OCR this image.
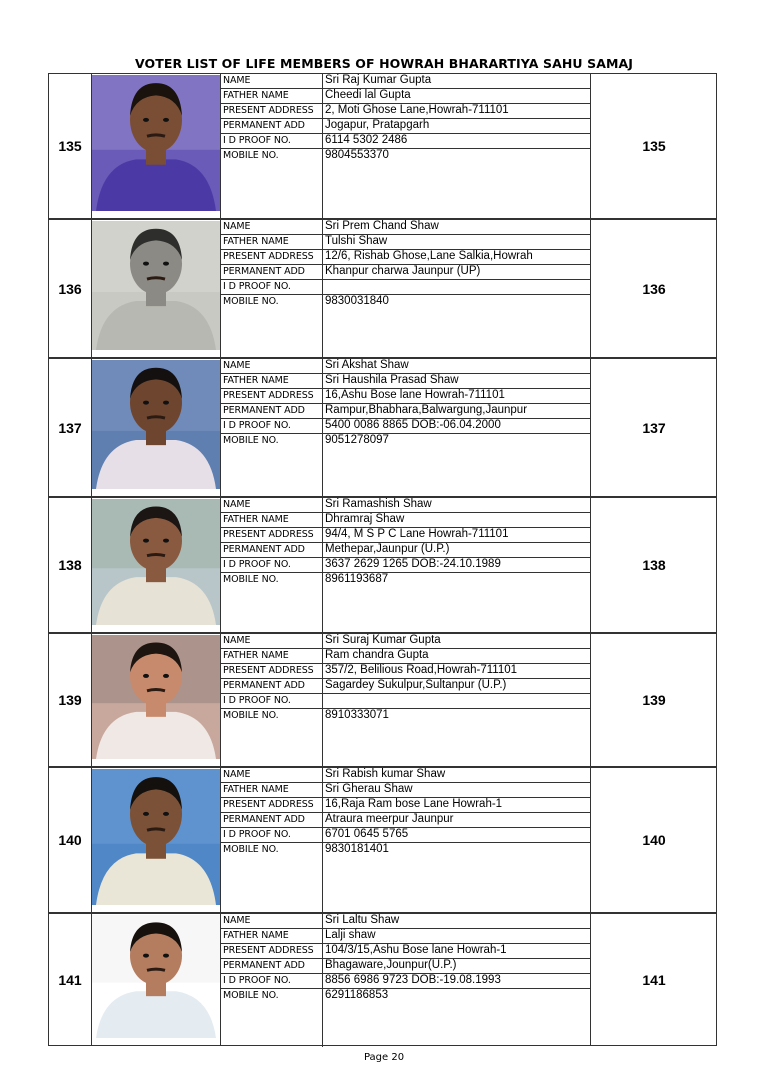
VOTER LIST OF LIFE MEMBERS OF HOWRAH BHARARTIYA SAHU SAMAJ
135
NAME	Sri Raj Kumar Gupta
FATHER NAME	Cheedi lal Gupta
PRESENT ADDRESS 2, Moti Ghose Lane,Howrah-711101
PERMANENT ADD Jogapur, Pratapgarh
I D PROOF NO.	6114 5302 2486
MOBILE NO.	9804553370
135
136
NAME	Sri Prem Chand Shaw
FATHER NAME	Tulshi Shaw
PRESENT ADDRESS 12/6, Rishab Ghose,Lane Salkia,Howrah
PERMANENT ADD Khanpur charwa Jaunpur (UP)
I D PROOF NO.
MOBILE NO.	9830031840
136
137
NAME	Sri Akshat Shaw
FATHER NAME	Sri Haushila Prasad Shaw
PRESENT ADDRESS 16,Ashu Bose lane Howrah-711101
PERMANENT ADD Rampur,Bhabhara,Balwargung,Jaunpur
I D PROOF NO.	5400 0086 8865 DOB:-06.04.2000
MOBILE NO.	9051278097
137
138
NAME	Sri Ramashish Shaw
FATHER NAME	Dhramraj Shaw
PRESENT ADDRESS 94/4, M S P C Lane Howrah-711101
PERMANENT ADD Methepar,Jaunpur (U.P.)
I D PROOF NO.	3637 2629 1265 DOB:-24.10.1989
MOBILE NO.	8961193687
138
139
NAME	Sri Suraj Kumar Gupta
FATHER NAME	Ram chandra Gupta
PRESENT ADDRESS 357/2, Belilious Road,Howrah-711101
PERMANENT ADD Sagardey Sukulpur,Sultanpur (U.P.)
I D PROOF NO.
MOBILE NO.	8910333071
139
140
NAME	Sri Rabish kumar Shaw
FATHER NAME	Sri Gherau Shaw
PRESENT ADDRESS 16,Raja Ram bose Lane Howrah-1
PERMANENT ADD Atraura meerpur Jaunpur
I D PROOF NO.	6701 0645 5765
MOBILE NO.	9830181401
140
141
NAME	Sri Laltu Shaw
FATHER NAME	Lalji shaw
PRESENT ADDRESS 104/3/15,Ashu Bose lane Howrah-1
PERMANENT ADD Bhagaware,Jounpur(U.P.)
I D PROOF NO.	8856 6986 9723 DOB:-19.08.1993
MOBILE NO.	6291186853
141
Page 20
